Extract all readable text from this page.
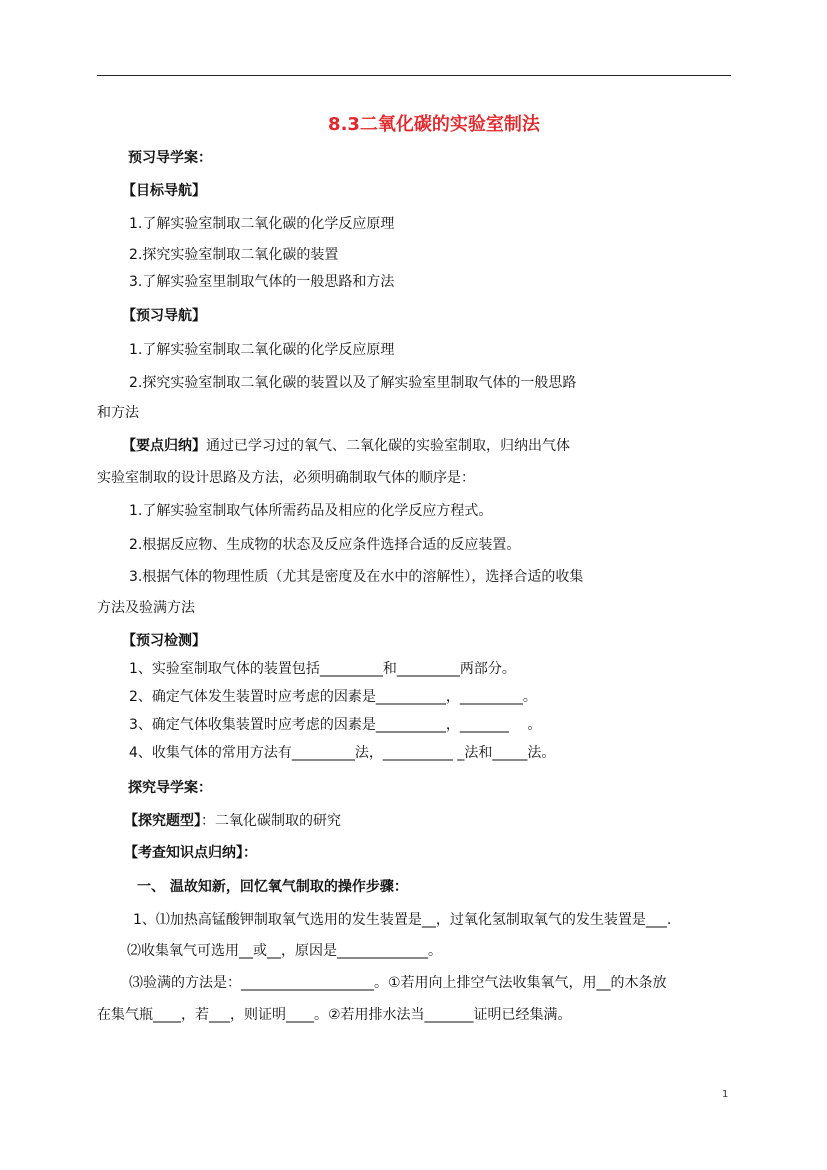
8.3二氧化碳的实验室制法

预习导学案：

【目标导航】

1.了解实验室制取二氧化碳的化学反应原理

2.探究实验室制取二氧化碳的装置

3.了解实验室里制取气体的一般思路和方法

【预习导航】

1.了解实验室制取二氧化碳的化学反应原理

2.探究实验室制取二氧化碳的装置以及了解实验室里制取气体的一般思路

和方法

【要点归纳】通过已学习过的氧气、二氧化碳的实验室制取，归纳出气体

实验室制取的设计思路及方法，必须明确制取气体的顺序是：

1.了解实验室制取气体所需药品及相应的化学反应方程式。

2.根据反应物、生成物的状态及反应条件选择合适的反应装置。

3.根据气体的物理性质（尤其是密度及在水中的溶解性），选择合适的收集

方法及验满方法

【预习检测】

1、实验室制取气体的装置包括_________和_________两部分。

2、确定气体发生装置时应考虑的因素是__________，_________。

3、确定气体收集装置时应考虑的因素是__________，_______　 。

4、收集气体的常用方法有_________法，__________ _法和_____法。

探究导学案：

【探究题型】：二氧化碳制取的研究

【考查知识点归纳】：

一、 温故知新，回忆氧气制取的操作步骤：

1、⑴加热高锰酸钾制取氧气选用的发生装置是__，过氧化氢制取氧气的发生装置是___.

⑵收集氧气可选用__或__，原因是_____________。

⑶验满的方法是：___________________。①若用向上排空气法收集氧气，用__的木条放

在集气瓶____，若___，则证明____。②若用排水法当_______证明已经集满。

1
